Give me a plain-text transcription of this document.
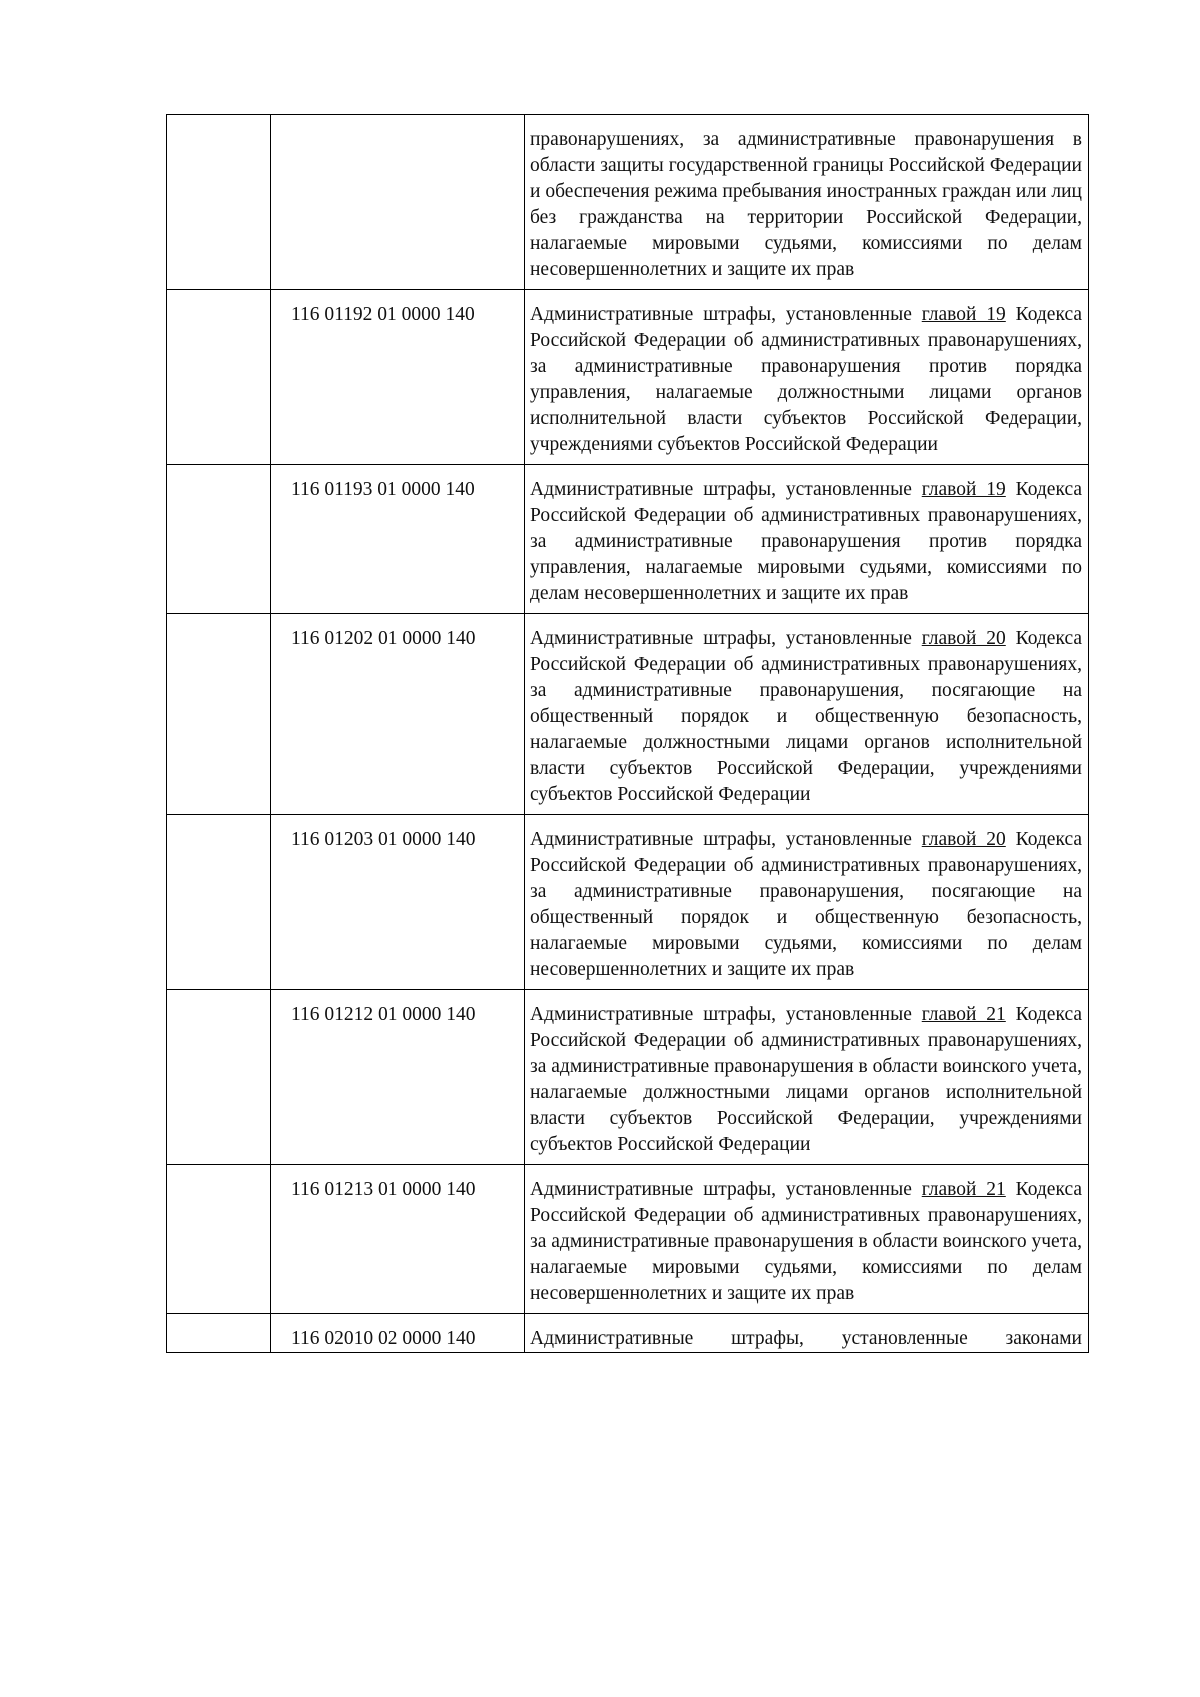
		правонарушениях, за административные правонарушения в области защиты государственной границы Российской Федерации и обеспечения режима пребывания иностранных граждан или лиц без гражданства на территории Российской Федерации, налагаемые мировыми судьями, комиссиями по делам несовершеннолетних и защите их прав

	116 01192 01 0000 140	Административные штрафы, установленные главой 19 Кодекса Российской Федерации об административных правонарушениях, за административные правонарушения против порядка управления, налагаемые должностными лицами органов исполнительной власти субъектов Российской Федерации, учреждениями субъектов Российской Федерации

	116 01193 01 0000 140	Административные штрафы, установленные главой 19 Кодекса Российской Федерации об административных правонарушениях, за административные правонарушения против порядка управления, налагаемые мировыми судьями, комиссиями по делам несовершеннолетних и защите их прав

	116 01202 01 0000 140	Административные штрафы, установленные главой 20 Кодекса Российской Федерации об административных правонарушениях, за административные правонарушения, посягающие на общественный порядок и общественную безопасность, налагаемые должностными лицами органов исполнительной власти субъектов Российской Федерации, учреждениями субъектов Российской Федерации

	116 01203 01 0000 140	Административные штрафы, установленные главой 20 Кодекса Российской Федерации об административных правонарушениях, за административные правонарушения, посягающие на общественный порядок и общественную безопасность, налагаемые мировыми судьями, комиссиями по делам несовершеннолетних и защите их прав

	116 01212 01 0000 140	Административные штрафы, установленные главой 21 Кодекса Российской Федерации об административных правонарушениях, за административные правонарушения в области воинского учета, налагаемые должностными лицами органов исполнительной власти субъектов Российской Федерации, учреждениями субъектов Российской Федерации

	116 01213 01 0000 140	Административные штрафы, установленные главой 21 Кодекса Российской Федерации об административных правонарушениях, за административные правонарушения в области воинского учета, налагаемые мировыми судьями, комиссиями по делам несовершеннолетних и защите их прав

	116 02010 02 0000 140	Административные штрафы, установленные законами
